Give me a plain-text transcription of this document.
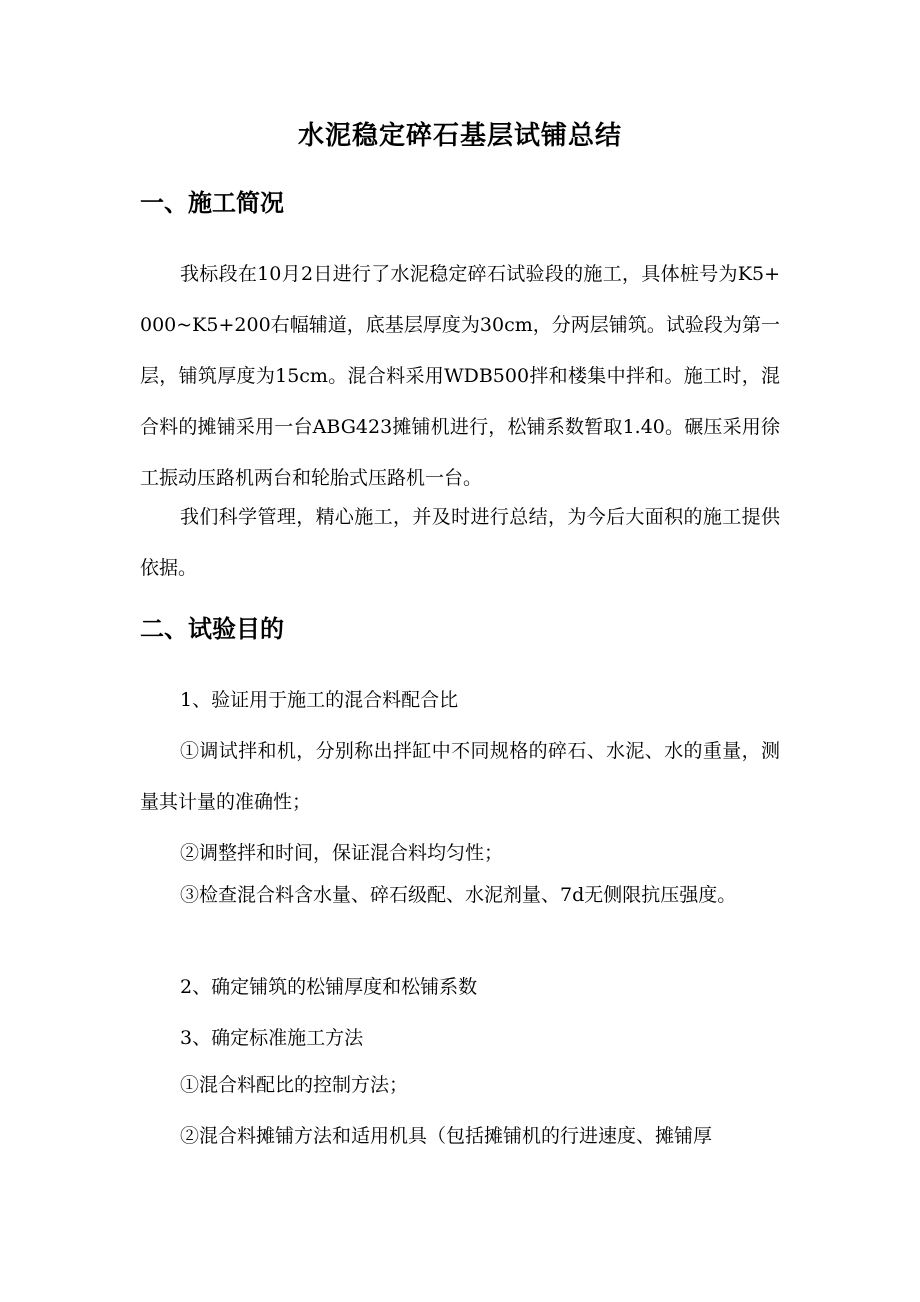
水泥稳定碎石基层试铺总结
一、施工简况
我标段在10月2日进行了水泥稳定碎石试验段的施工，具体桩号为K5+000~K5+200右幅辅道，底基层厚度为30cm，分两层铺筑。试验段为第一层，铺筑厚度为15cm。混合料采用WDB500拌和楼集中拌和。施工时，混合料的摊铺采用一台ABG423摊铺机进行，松铺系数暂取1.40。碾压采用徐工振动压路机两台和轮胎式压路机一台。
我们科学管理，精心施工，并及时进行总结，为今后大面积的施工提供依据。
二、试验目的
1、验证用于施工的混合料配合比
①调试拌和机，分别称出拌缸中不同规格的碎石、水泥、水的重量，测量其计量的准确性；
②调整拌和时间，保证混合料均匀性；
③检查混合料含水量、碎石级配、水泥剂量、7d无侧限抗压强度。
2、确定铺筑的松铺厚度和松铺系数
3、确定标准施工方法
①混合料配比的控制方法；
②混合料摊铺方法和适用机具（包括摊铺机的行进速度、摊铺厚
